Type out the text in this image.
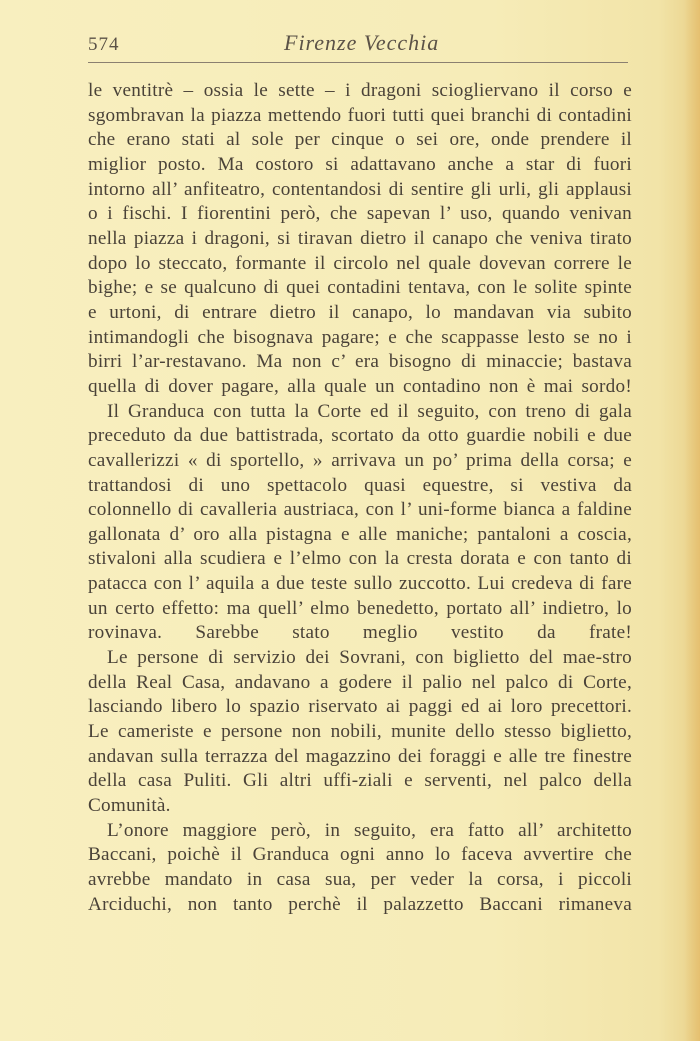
574	Firenze Vecchia

le ventitrè – ossia le sette – i dragoni sciogliervano il corso e sgombravan la piazza mettendo fuori tutti quei branchi di contadini che erano stati al sole per cinque o sei ore, onde prendere il miglior posto. Ma costoro si adattavano anche a star di fuori intorno all’ anfiteatro, contentandosi di sentire gli urli, gli applausi o i fischi. I fiorentini però, che sapevan l’ uso, quando venivan nella piazza i dragoni, si tiravan dietro il canapo che veniva tirato dopo lo steccato, formante il circolo nel quale dovevan correre le bighe; e se qualcuno di quei contadini tentava, con le solite spinte e urtoni, di entrare dietro il canapo, lo mandavan via subito intimandogli che bisognava pagare; e che scappasse lesto se no i birri l’ar-restavano. Ma non c’ era bisogno di minaccie; bastava quella di dover pagare, alla quale un contadino non è mai sordo!

Il Granduca con tutta la Corte ed il seguito, con treno di gala preceduto da due battistrada, scortato da otto guardie nobili e due cavallerizzi « di sportello, » arrivava un po’ prima della corsa; e trattandosi di uno spettacolo quasi equestre, si vestiva da colonnello di cavalleria austriaca, con l’ uni-forme bianca a faldine gallonata d’ oro alla pistagna e alle maniche; pantaloni a coscia, stivaloni alla scudiera e l’elmo con la cresta dorata e con tanto di patacca con l’ aquila a due teste sullo zuccotto. Lui credeva di fare un certo effetto: ma quell’ elmo benedetto, portato all’ indietro, lo rovinava. Sarebbe stato meglio vestito da frate!

Le persone di servizio dei Sovrani, con biglietto del mae-stro della Real Casa, andavano a godere il palio nel palco di Corte, lasciando libero lo spazio riservato ai paggi ed ai loro precettori. Le cameriste e persone non nobili, munite dello stesso biglietto, andavan sulla terrazza del magazzino dei foraggi e alle tre finestre della casa Puliti. Gli altri uffi-ziali e serventi, nel palco della Comunità.

L’onore maggiore però, in seguito, era fatto all’ architetto Baccani, poichè il Granduca ogni anno lo faceva avvertire che avrebbe mandato in casa sua, per veder la corsa, i piccoli Arciduchi, non tanto perchè il palazzetto Baccani rimaneva
